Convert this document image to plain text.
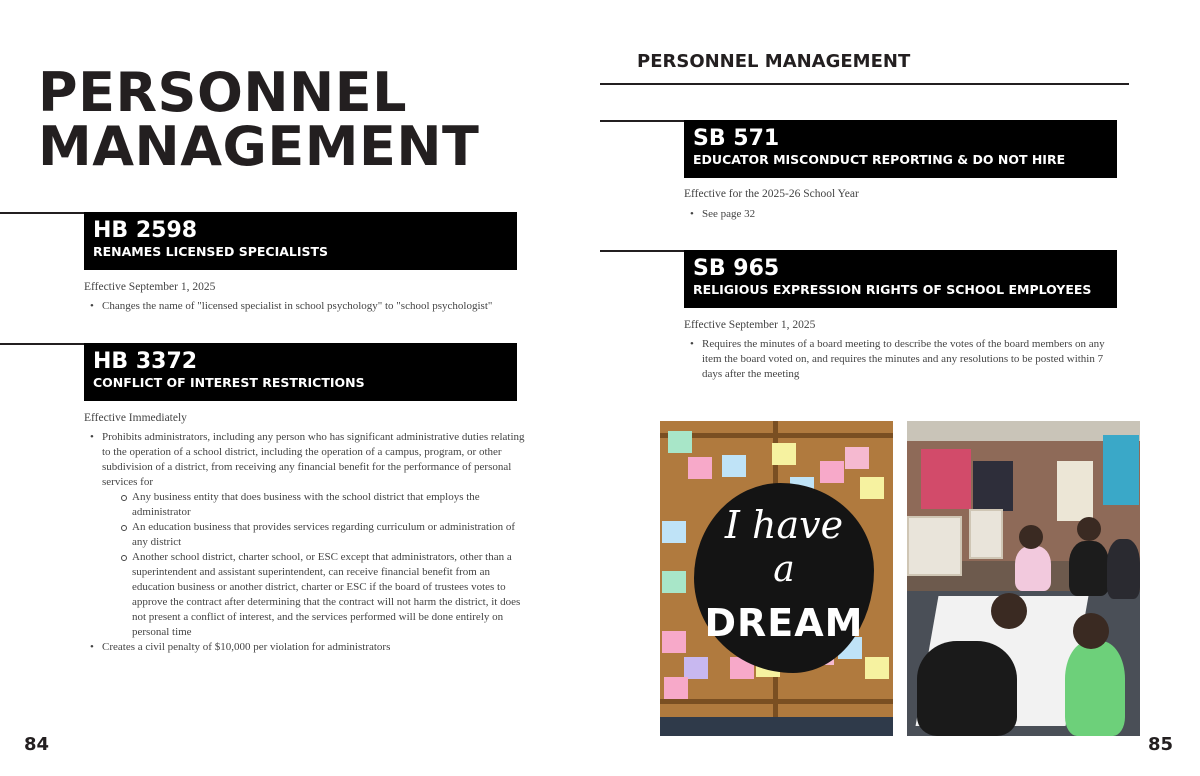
PERSONNEL
MANAGEMENT
HB 2598
RENAMES LICENSED SPECIALISTS
Effective September 1, 2025
• Changes the name of "licensed specialist in school psychology" to "school psychologist"
HB 3372
CONFLICT OF INTEREST RESTRICTIONS
Effective Immediately
• Prohibits administrators, including any person who has significant administrative duties relating to the operation of a school district, including the operation of a campus, program, or other subdivision of a district, from receiving any financial benefit for the performance of personal services for
Any business entity that does business with the school district that employs the administrator
An education business that provides services regarding curriculum or administration of any district
Another school district, charter school, or ESC except that administrators, other than a superintendent and assistant superintendent, can receive financial benefit from an education business or another district, charter or ESC if the board of trustees votes to approve the contract after determining that the contract will not harm the district, it does not present a conflict of interest, and the services performed will be done entirely on personal time
• Creates a civil penalty of $10,000 per violation for administrators
84
PERSONNEL MANAGEMENT
SB 571
EDUCATOR MISCONDUCT REPORTING & DO NOT HIRE
Effective for the 2025-26 School Year
• See page 32
SB 965
RELIGIOUS EXPRESSION RIGHTS OF SCHOOL EMPLOYEES
Effective September 1, 2025
• Requires the minutes of a board meeting to describe the votes of the board members on any item the board voted on, and requires the minutes and any resolutions to be posted within 7 days after the meeting
I have
a
DREAM
85
